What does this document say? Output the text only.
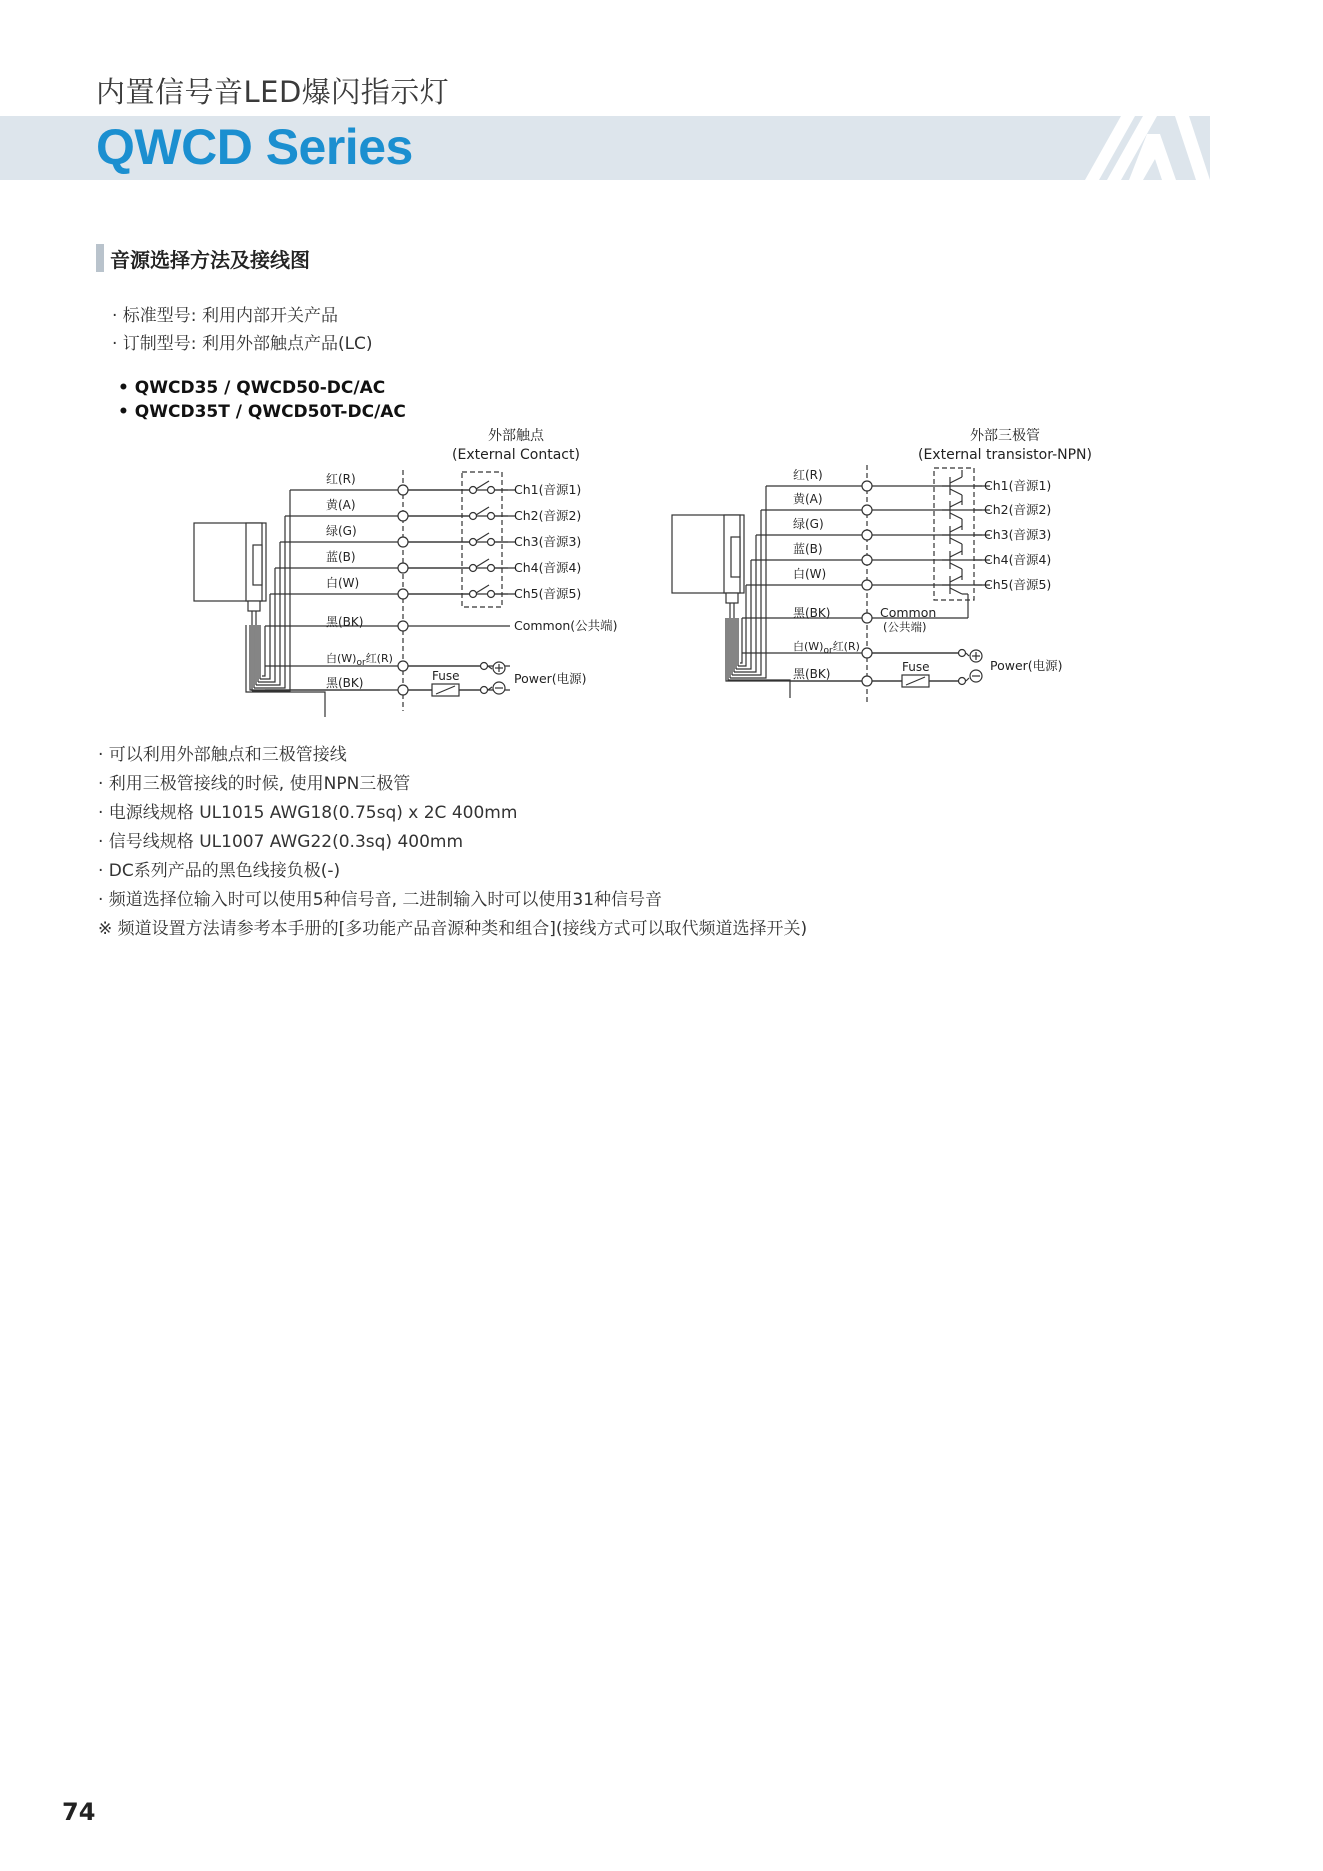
内置信号音LED爆闪指示灯
QWCD Series
音源选择方法及接线图
· 标准型号: 利用内部开关产品
· 订制型号: 利用外部触点产品(LC)
• QWCD35 / QWCD50-DC/AC
• QWCD35T / QWCD50T-DC/AC
外部触点
(External Contact)
红(R)
黄(A)
绿(G)
蓝(B)
白(W)
黑(BK)
白$(W)_{or}$红(R)
黑(BK)
Ch1(音源1)
Ch2(音源2)
Ch3(音源3)
Ch4(音源4)
Ch5(音源5)
Common(公共端)
Fuse	Power(电源)
外部三极管
(External transistor-NPN)
红(R)
黄(A)
绿(G)
蓝(B)
白(W)
黑(BK)
白$(W)_{or}$红(R)
黑(BK)
Ch1(音源1)
Ch2(音源2)
Ch3(音源3)
Ch4(音源4)
Ch5(音源5)
Common
(公共端)
Fuse	Power(电源)
· 可以利用外部触点和三极管接线
· 利用三极管接线的时候, 使用NPN三极管
· 电源线规格 UL1015 AWG18(0.75sq) x 2C 400mm
· 信号线规格 UL1007 AWG22(0.3sq) 400mm
· DC系列产品的黑色线接负极(-)
· 频道选择位输入时可以使用5种信号音, 二进制输入时可以使用31种信号音
※ 频道设置方法请参考本手册的[多功能产品音源种类和组合](接线方式可以取代频道选择开关)
74
